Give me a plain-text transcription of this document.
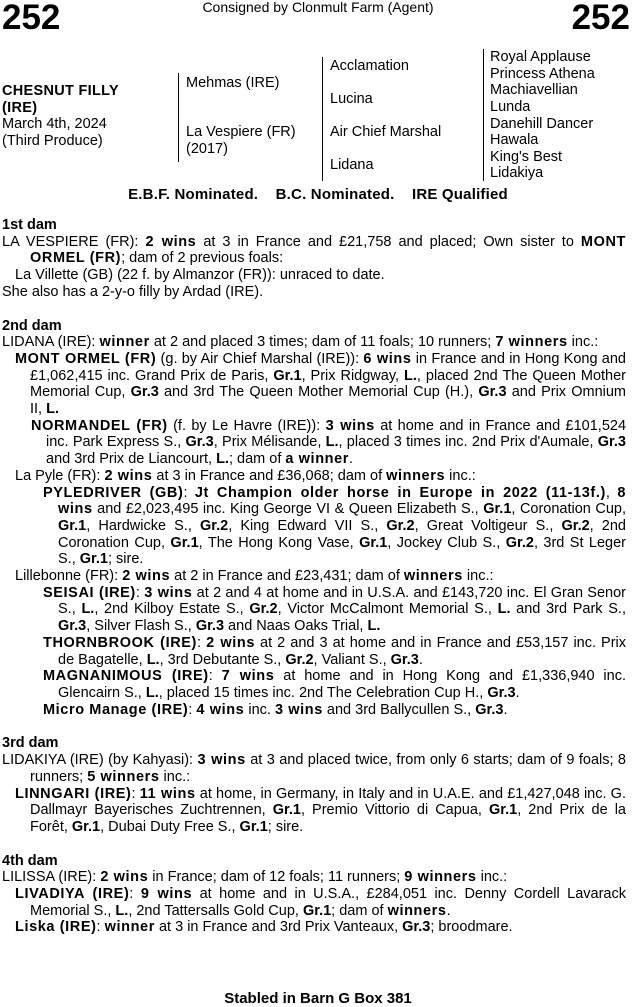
252	Consigned by Clonmult Farm (Agent)	252
CHESNUT FILLY
(IRE)
March 4th, 2024
(Third Produce)
Mehmas (IRE)
La Vespiere (FR)
(2017)
Acclamation
Lucina
Air Chief Marshal
Lidana
Royal Applause
Princess Athena
Machiavellian
Lunda
Danehill Dancer
Hawala
King's Best
Lidakiya
E.B.F. Nominated.    B.C. Nominated.    IRE Qualified
1st dam
LA VESPIERE (FR): 2 wins at 3 in France and £21,758 and placed; Own sister to MONT ORMEL (FR); dam of 2 previous foals:
La Villette (GB) (22 f. by Almanzor (FR)): unraced to date.
She also has a 2-y-o filly by Ardad (IRE).
2nd dam
LIDANA (IRE): winner at 2 and placed 3 times; dam of 11 foals; 10 runners; 7 winners inc.:
MONT ORMEL (FR) (g. by Air Chief Marshal (IRE)): 6 wins in France and in Hong Kong and £1,062,415 inc. Grand Prix de Paris, Gr.1, Prix Ridgway, L., placed 2nd The Queen Mother Memorial Cup, Gr.3 and 3rd The Queen Mother Memorial Cup (H.), Gr.3 and Prix Omnium II, L.
NORMANDEL (FR) (f. by Le Havre (IRE)): 3 wins at home and in France and £101,524 inc. Park Express S., Gr.3, Prix Mélisande, L., placed 3 times inc. 2nd Prix d'Aumale, Gr.3 and 3rd Prix de Liancourt, L.; dam of a winner.
La Pyle (FR): 2 wins at 3 in France and £36,068; dam of winners inc.:
PYLEDRIVER (GB): Jt Champion older horse in Europe in 2022 (11-13f.), 8 wins and £2,023,495 inc. King George VI & Queen Elizabeth S., Gr.1, Coronation Cup, Gr.1, Hardwicke S., Gr.2, King Edward VII S., Gr.2, Great Voltigeur S., Gr.2, 2nd Coronation Cup, Gr.1, The Hong Kong Vase, Gr.1, Jockey Club S., Gr.2, 3rd St Leger S., Gr.1; sire.
Lillebonne (FR): 2 wins at 2 in France and £23,431; dam of winners inc.:
SEISAI (IRE): 3 wins at 2 and 4 at home and in U.S.A. and £143,720 inc. El Gran Senor S., L., 2nd Kilboy Estate S., Gr.2, Victor McCalmont Memorial S., L. and 3rd Park S., Gr.3, Silver Flash S., Gr.3 and Naas Oaks Trial, L.
THORNBROOK (IRE): 2 wins at 2 and 3 at home and in France and £53,157 inc. Prix de Bagatelle, L., 3rd Debutante S., Gr.2, Valiant S., Gr.3.
MAGNANIMOUS (IRE): 7 wins at home and in Hong Kong and £1,336,940 inc. Glencairn S., L., placed 15 times inc. 2nd The Celebration Cup H., Gr.3.
Micro Manage (IRE): 4 wins inc. 3 wins and 3rd Ballycullen S., Gr.3.
3rd dam
LIDAKIYA (IRE) (by Kahyasi): 3 wins at 3 and placed twice, from only 6 starts; dam of 9 foals; 8 runners; 5 winners inc.:
LINNGARI (IRE): 11 wins at home, in Germany, in Italy and in U.A.E. and £1,427,048 inc. G. Dallmayr Bayerisches Zuchtrennen, Gr.1, Premio Vittorio di Capua, Gr.1, 2nd Prix de la Forêt, Gr.1, Dubai Duty Free S., Gr.1; sire.
4th dam
LILISSA (IRE): 2 wins in France; dam of 12 foals; 11 runners; 9 winners inc.:
LIVADIYA (IRE): 9 wins at home and in U.S.A., £284,051 inc. Denny Cordell Lavarack Memorial S., L., 2nd Tattersalls Gold Cup, Gr.1; dam of winners.
Liska (IRE): winner at 3 in France and 3rd Prix Vanteaux, Gr.3; broodmare.
Stabled in Barn G Box 381
